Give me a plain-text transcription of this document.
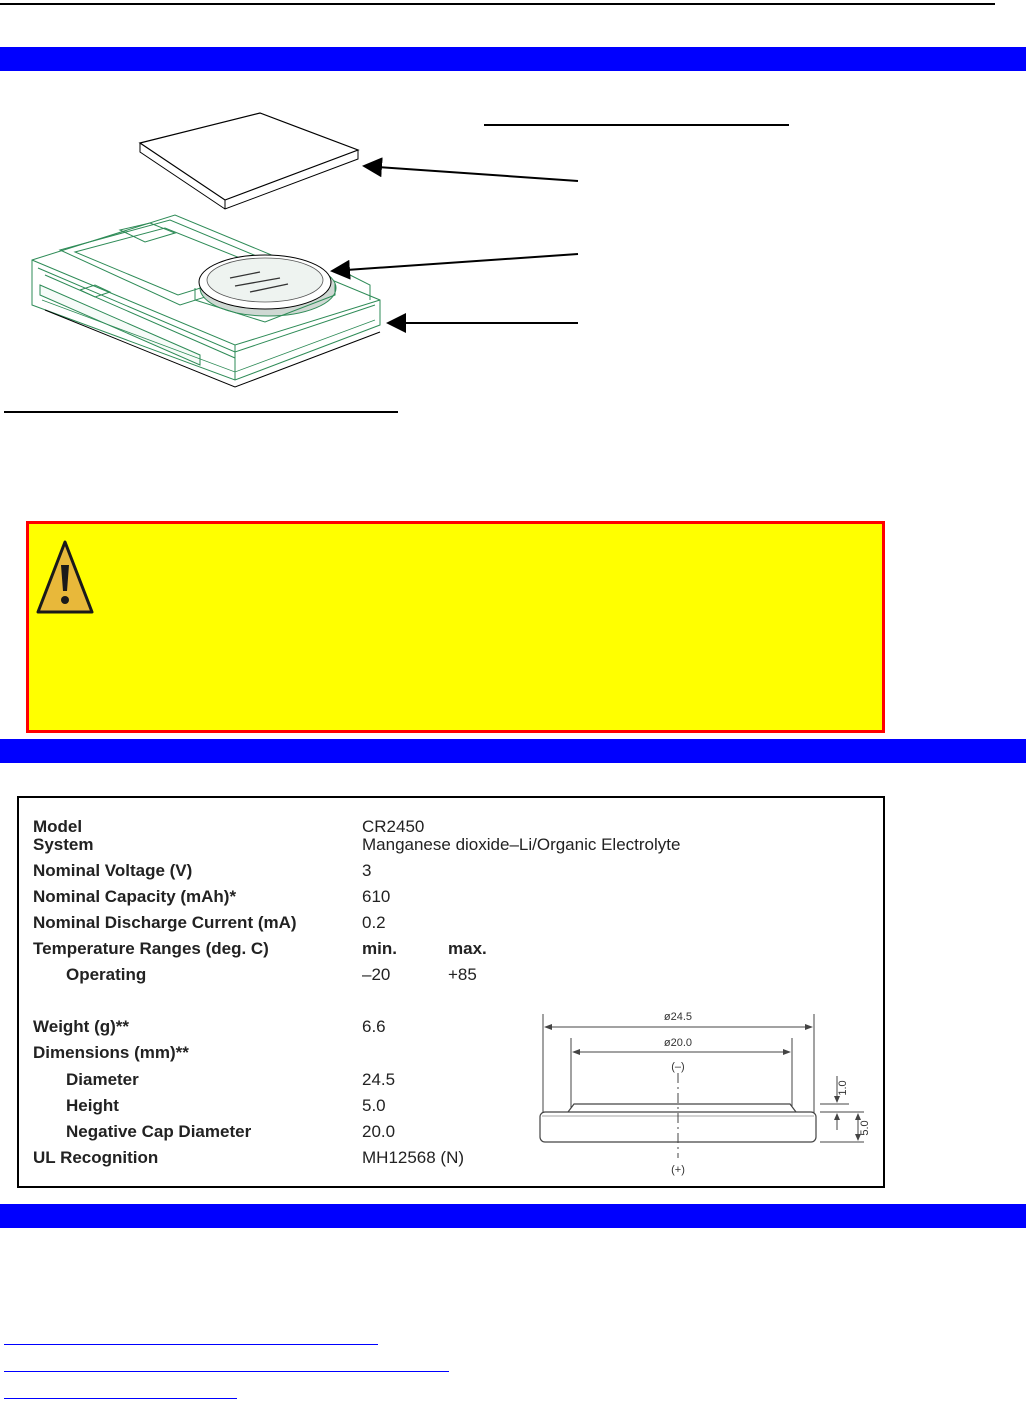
Model	CR2450
System	Manganese dioxide–Li/Organic Electrolyte
Nominal Voltage (V)	3
Nominal Capacity (mAh)*	610
Nominal Discharge Current (mA)	0.2
Temperature Ranges (deg. C)	min.	max.
Operating	–20	+85
Weight (g)**	6.6
Dimensions (mm)**
Diameter	24.5
Height	5.0
Negative Cap Diameter	20.0
UL Recognition	MH12568 (N)
ø24.5
ø20.0
(–)
(+)
1.0
5.0
